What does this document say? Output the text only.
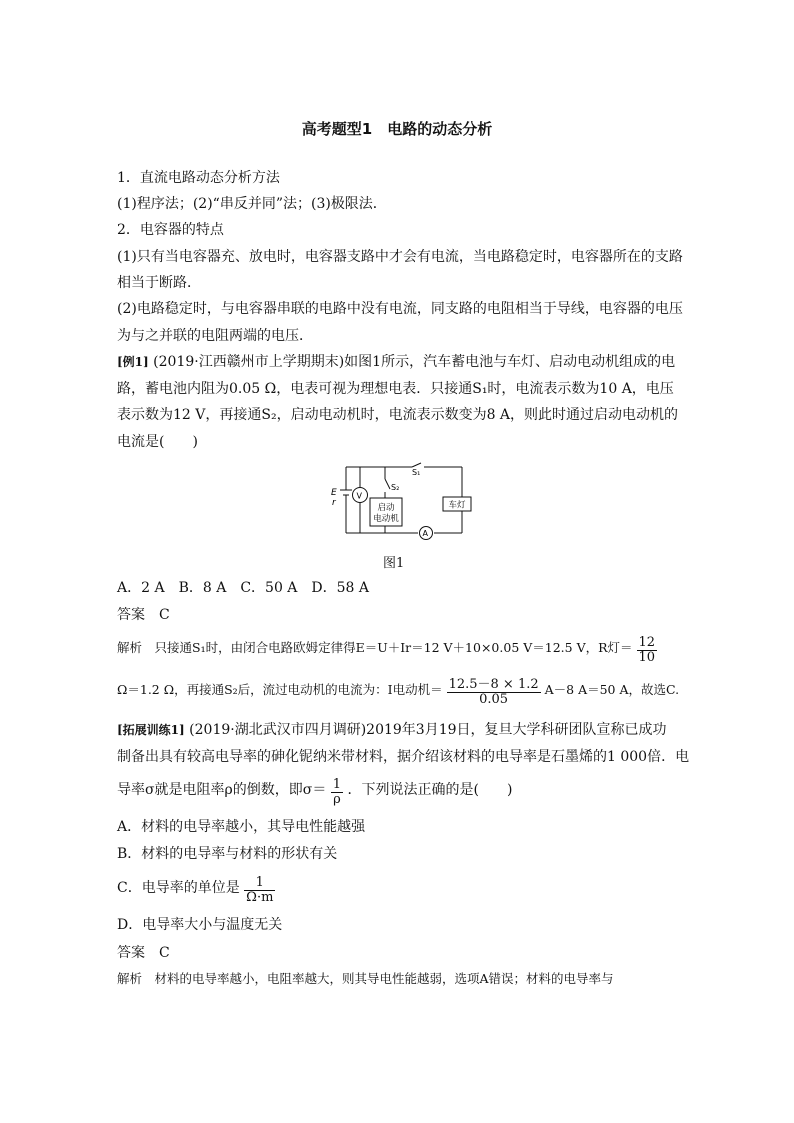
高考题型1　电路的动态分析
1．直流电路动态分析方法
(1)程序法；(2)“串反并同”法；(3)极限法．
2．电容器的特点
(1)只有当电容器充、放电时，电容器支路中才会有电流，当电路稳定时，电容器所在的支路
相当于断路．
(2)电路稳定时，与电容器串联的电路中没有电流，同支路的电阻相当于导线，电容器的电压
为与之并联的电阻两端的电压．
[例1] (2019·江西赣州市上学期期末)如图1所示，汽车蓄电池与车灯、启动电动机组成的电
路，蓄电池内阻为0.05 Ω，电表可视为理想电表．只接通S₁时，电流表示数为10 A，电压
表示数为12 V，再接通S₂，启动电动机时，电流表示数变为8 A，则此时通过启动电动机的
电流是(　　)
E
r
V
S₁
S₂
A
启动
电动机
车灯
图1
A．2 A　B．8 A　C．50 A　D．58 A
答案　C
解析　只接通S₁时，由闭合电路欧姆定律得E＝U＋Ir＝12 V＋10×0.05 V＝12.5 V，R灯＝ $\frac{12}{10}$
Ω＝1.2 Ω，再接通S₂后，流过电动机的电流为：I电动机＝ $\frac{12.5-8 \times 1.2}{0.05} A-8$ A＝50 A，故选C.
[拓展训练1] (2019·湖北武汉市四月调研)2019年3月19日，复旦大学科研团队宣称已成功
制备出具有较高电导率的砷化铌纳米带材料，据介绍该材料的电导率是石墨烯的1 000倍．电
导率σ就是电阻率ρ的倒数，即$\sigma= \frac{1}{\rho}$ ．下列说法正确的是(　　)
A．材料的电导率越小，其导电性能越强
B．材料的电导率与材料的形状有关
C．电导率的单位是 $\frac{1}{\Omega\cdot m}$
D．电导率大小与温度无关
答案　C
解析　材料的电导率越小，电阻率越大，则其导电性能越弱，选项A错误；材料的电导率与
